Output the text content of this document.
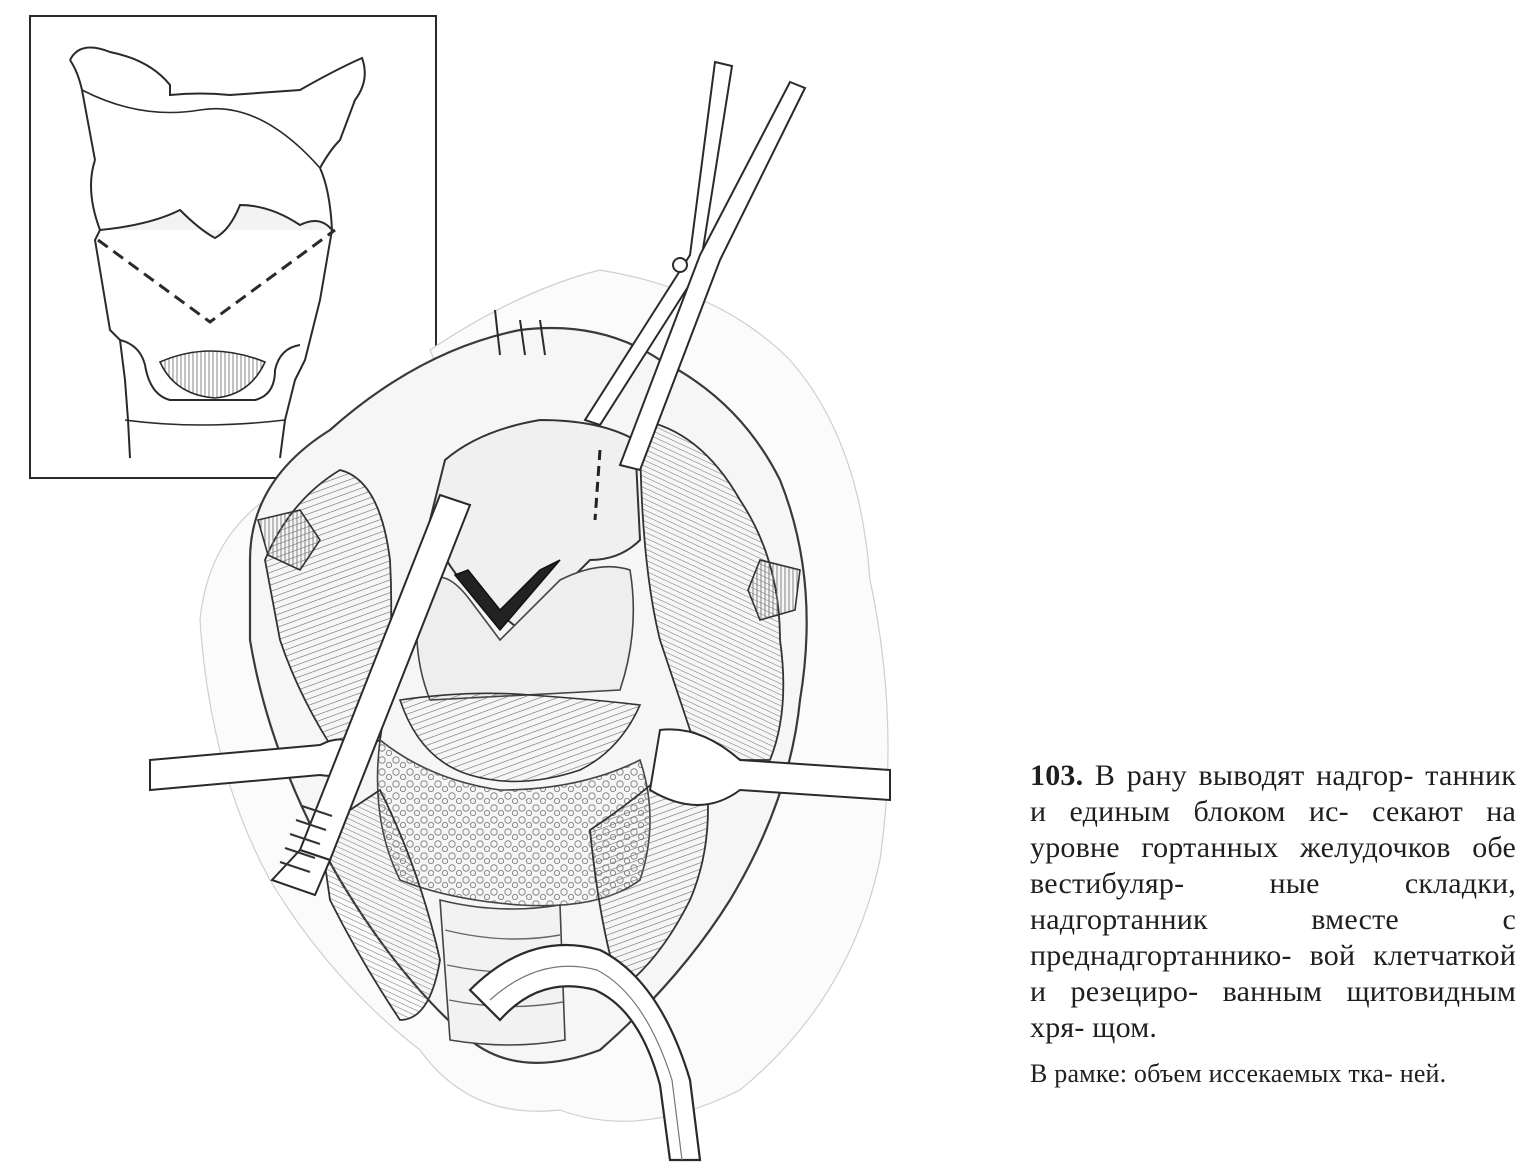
103. В рану выводят надгор- танник и единым блоком ис- секают на уровне гортанных желудочков обе вестибуляр-	ные складки, надгортанник	вместе с преднадгортаннико- вой клетчаткой и резециро- ванным щитовидным хря- щом.

В рамке: объем иссекаемых тка- ней.
